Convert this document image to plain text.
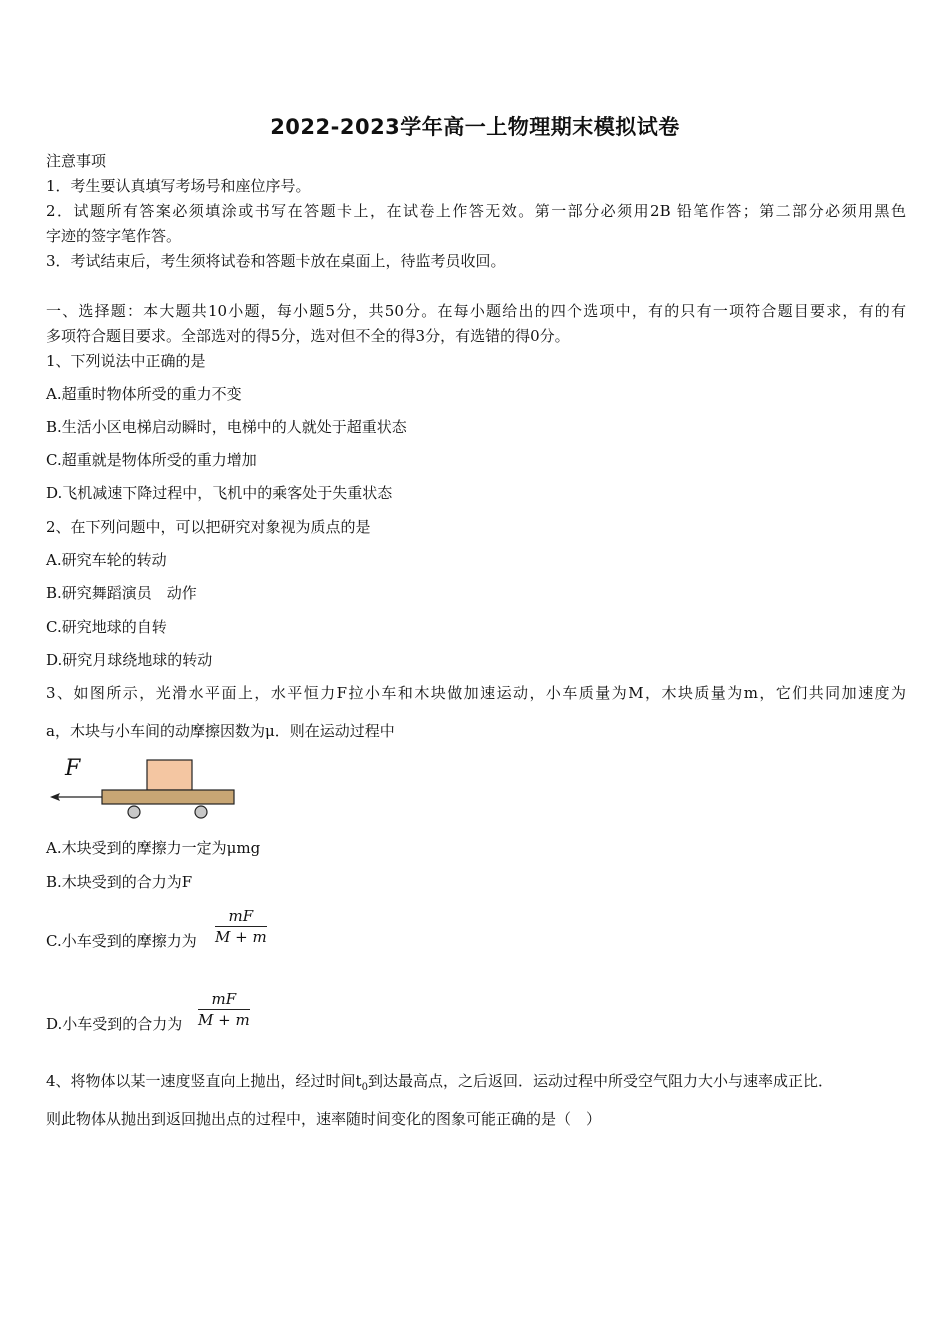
2022-2023学年高一上物理期末模拟试卷
注意事项
1．考生要认真填写考场号和座位序号。
2．试题所有答案必须填涂或书写在答题卡上，在试卷上作答无效。第一部分必须用2B 铅笔作答；第二部分必须用黑色
字迹的签字笔作答。
3．考试结束后，考生须将试卷和答题卡放在桌面上，待监考员收回。
一、选择题：本大题共10小题，每小题5分，共50分。在每小题给出的四个选项中，有的只有一项符合题目要求，有的有
多项符合题目要求。全部选对的得5分，选对但不全的得3分，有选错的得0分。
1、下列说法中正确的是
A.超重时物体所受的重力不变
B.生活小区电梯启动瞬时，电梯中的人就处于超重状态
C.超重就是物体所受的重力增加
D.飞机减速下降过程中，飞机中的乘客处于失重状态
2、在下列问题中，可以把研究对象视为质点的是
A.研究车轮的转动
B.研究舞蹈演员　动作
C.研究地球的自转
D.研究月球绕地球的转动
3、如图所示，光滑水平面上，水平恒力F拉小车和木块做加速运动，小车质量为M，木块质量为m，它们共同加速度为
a，木块与小车间的动摩擦因数为μ．则在运动过程中
F
A.木块受到的摩擦力一定为μmg
B.木块受到的合力为F
C.小车受到的摩擦力为 $\frac{mF}{M + m}$
D.小车受到的合力为 $\frac{mF}{M + m}$
4、将物体以某一速度竖直向上抛出，经过时间$t_0$到达最高点，之后返回．运动过程中所受空气阻力大小与速率成正比．
则此物体从抛出到返回抛出点的过程中，速率随时间变化的图象可能正确的是（　）
